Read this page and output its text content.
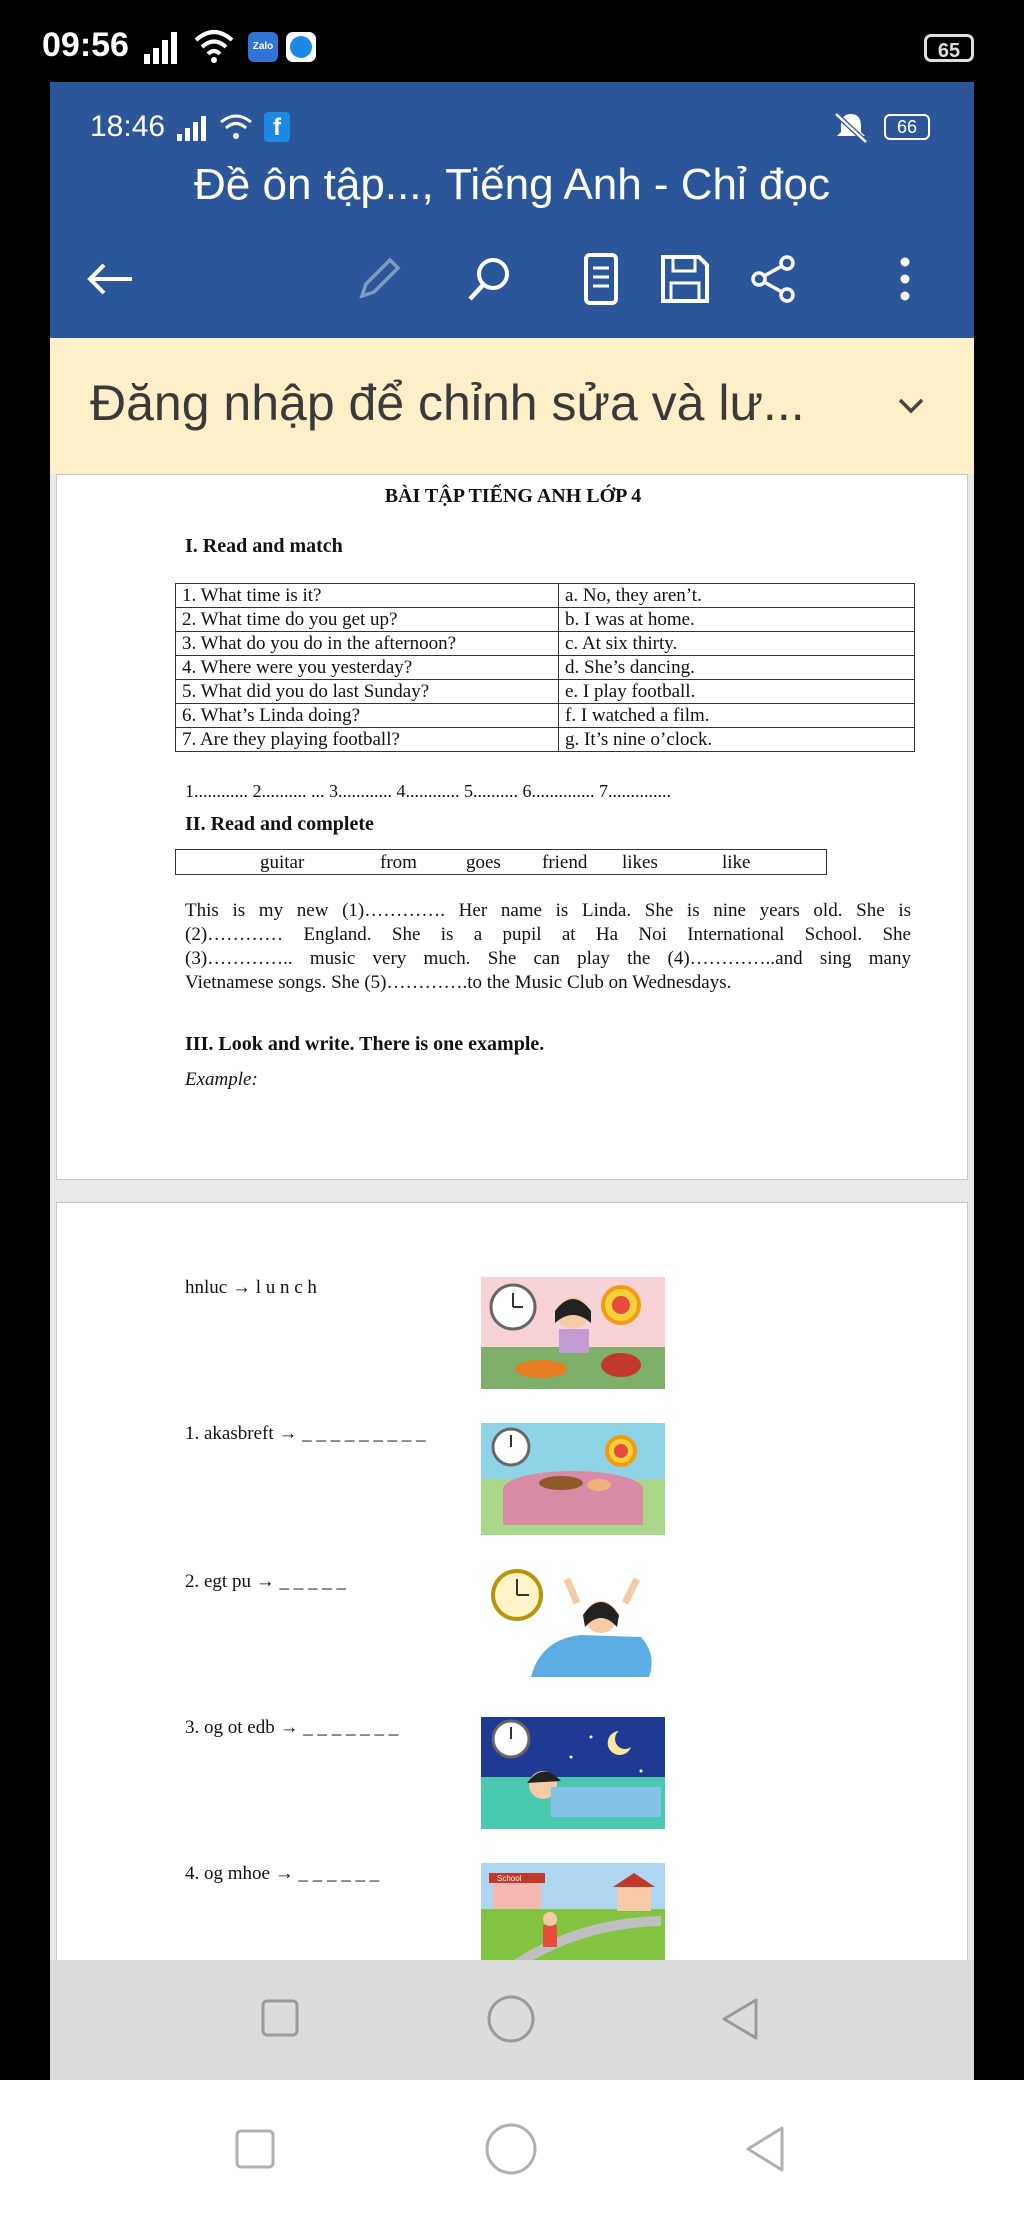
09:56	Zalo	65
18:46	f	66
Đề ôn tập..., Tiếng Anh - Chỉ đọc
Đăng nhập để chỉnh sửa và lư...
BÀI TẬP TIẾNG ANH LỚP 4
I. Read and match
1. What time is it?	a. No, they aren’t.
2. What time do you get up?	b. I was at home.
3. What do you do in the afternoon?	c. At six thirty.
4. Where were you yesterday?	d. She’s dancing.
5. What did you do last Sunday?	e. I play football.
6. What’s Linda doing?	f. I watched a film.
7. Are they playing football?	g. It’s nine o’clock.
1............ 2.......... ... 3............ 4............ 5.......... 6.............. 7..............
II. Read and complete
guitar	from	goes friend likes	like
This is my new (1)…………. Her name is Linda. She is nine years old. She is
(2)………… England. She is a pupil at Ha Noi International School. She
(3)………….. music very much. She can play the (4)…………..and sing many
Vietnamese songs. She (5)………….to the Music Club on Wednesdays.
III. Look and write. There is one example.
Example:
hnluc → l u n c h
1. akasbreft → _ _ _ _ _ _ _ _ _
2. egt pu → _ _ _ _ _
3. og ot edb → _ _ _ _ _ _ _
4. og mhoe → _ _ _ _ _ _	School
